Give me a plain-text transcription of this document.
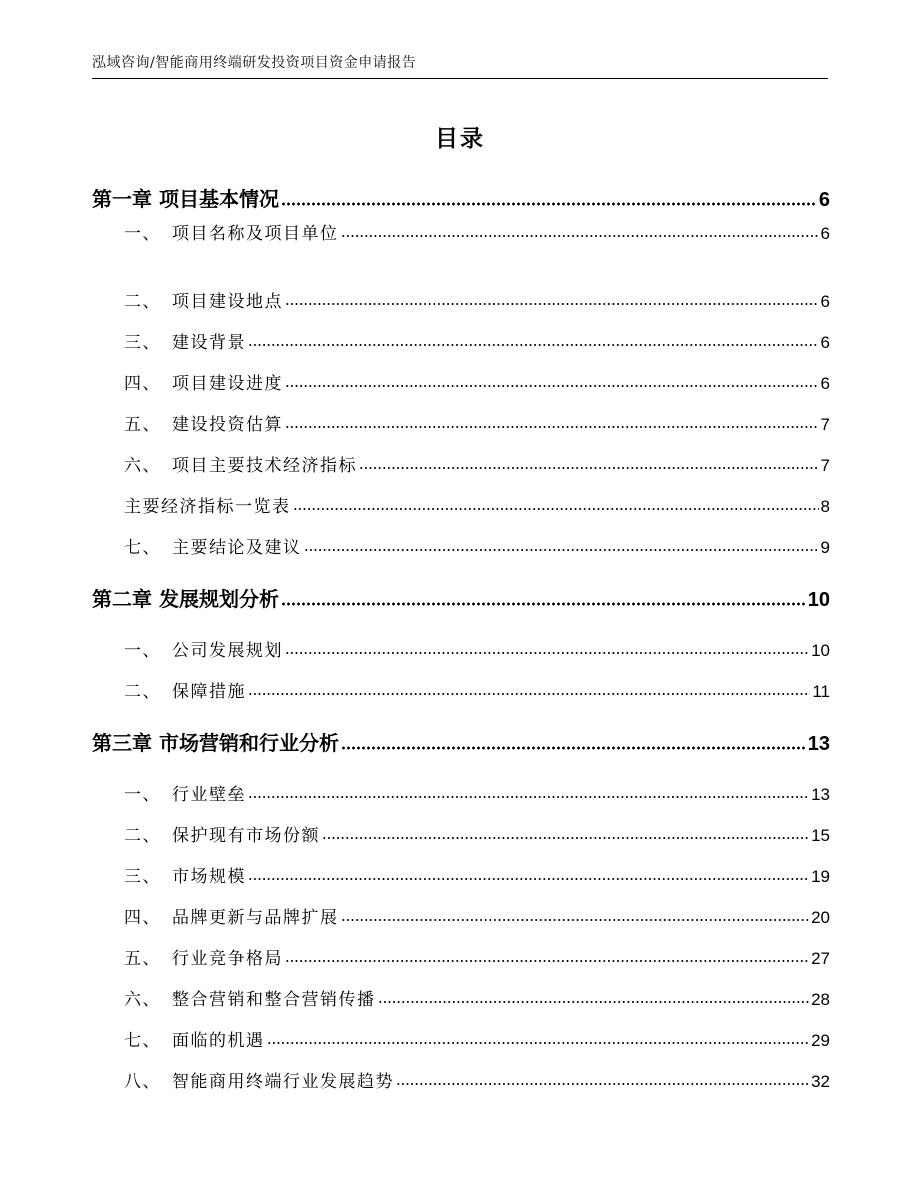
泓域咨询/智能商用终端研发投资项目资金申请报告
目录
第一章 项目基本情况	6
一、 项目名称及项目单位	6
二、 项目建设地点	6
三、 建设背景	6
四、 项目建设进度	6
五、 建设投资估算	7
六、 项目主要技术经济指标	7
主要经济指标一览表	8
七、 主要结论及建议	9
第二章 发展规划分析	10
一、 公司发展规划	10
二、 保障措施	11
第三章 市场营销和行业分析	13
一、 行业壁垒	13
二、 保护现有市场份额	15
三、 市场规模	19
四、 品牌更新与品牌扩展	20
五、 行业竞争格局	27
六、 整合营销和整合营销传播	28
七、 面临的机遇	29
八、 智能商用终端行业发展趋势	32
